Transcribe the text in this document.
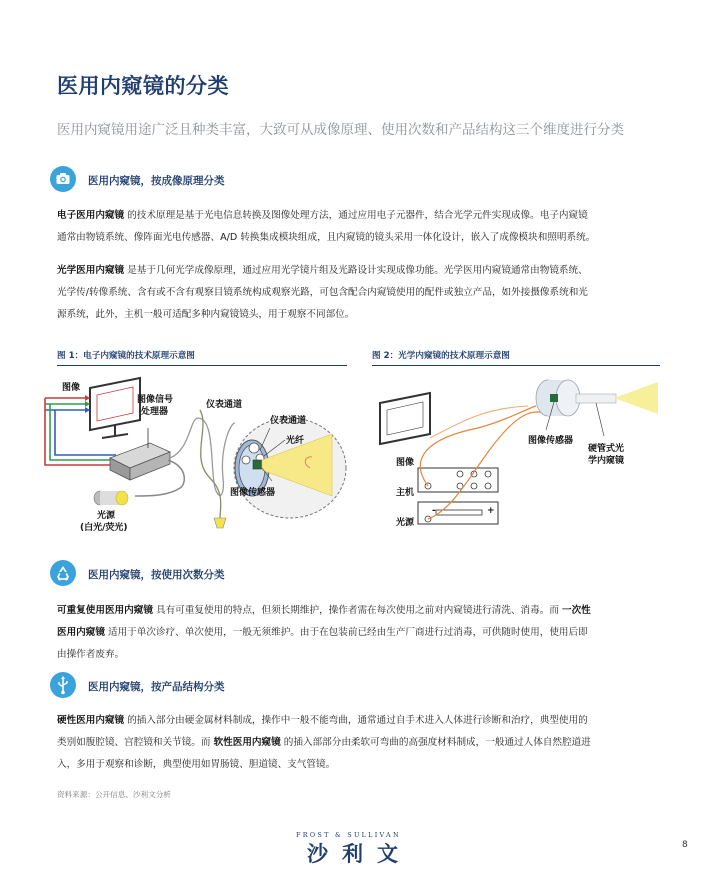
医用内窥镜的分类
医用内窥镜用途广泛且种类丰富，大致可从成像原理、使用次数和产品结构这三个维度进行分类
医用内窥镜，按成像原理分类
电子医用内窥镜 的技术原理是基于光电信息转换及图像处理方法，通过应用电子元器件，结合光学元件实现成像。电子内窥镜
通常由物镜系统、像阵面光电传感器、A/D 转换集成模块组成，且内窥镜的镜头采用一体化设计，嵌入了成像模块和照明系统。
光学医用内窥镜 是基于几何光学成像原理，通过应用光学镜片组及光路设计实现成像功能。光学医用内窥镜通常由物镜系统、
光学传/转像系统、含有或不含有观察目镜系统构成观察光路，可包含配合内窥镜使用的配件或独立产品，如外接摄像系统和光
源系统，此外，主机一般可适配多种内窥镜镜头，用于观察不同部位。
图 1：电子内窥镜的技术原理示意图	图 2：光学内窥镜的技术原理示意图
图像
图像信号
处理器
仪表通道
仪表通道
光纤
图像传感器
光源
(白光/荧光)
-	+
图像传感器
硬管式光
学内窥镜
图像
主机
光源
医用内窥镜，按使用次数分类
可重复使用医用内窥镜 具有可重复使用的特点，但须长期维护，操作者需在每次使用之前对内窥镜进行清洗、消毒。而 一次性
医用内窥镜 适用于单次诊疗、单次使用，一般无须维护。由于在包装前已经由生产厂商进行过消毒，可供随时使用，使用后即
由操作者废弃。
医用内窥镜，按产品结构分类
硬性医用内窥镜 的插入部分由硬金属材料制成，操作中一般不能弯曲，通常通过自手术进入人体进行诊断和治疗，典型使用的
类别如腹腔镜、宫腔镜和关节镜。而 软性医用内窥镜 的插入部部分由柔软可弯曲的高强度材料制成，一般通过人体自然腔道进
入，多用于观察和诊断，典型使用如胃肠镜、胆道镜、支气管镜。
资料来源：公开信息、沙利文分析
FROST & SULLIVAN
沙利文	8
